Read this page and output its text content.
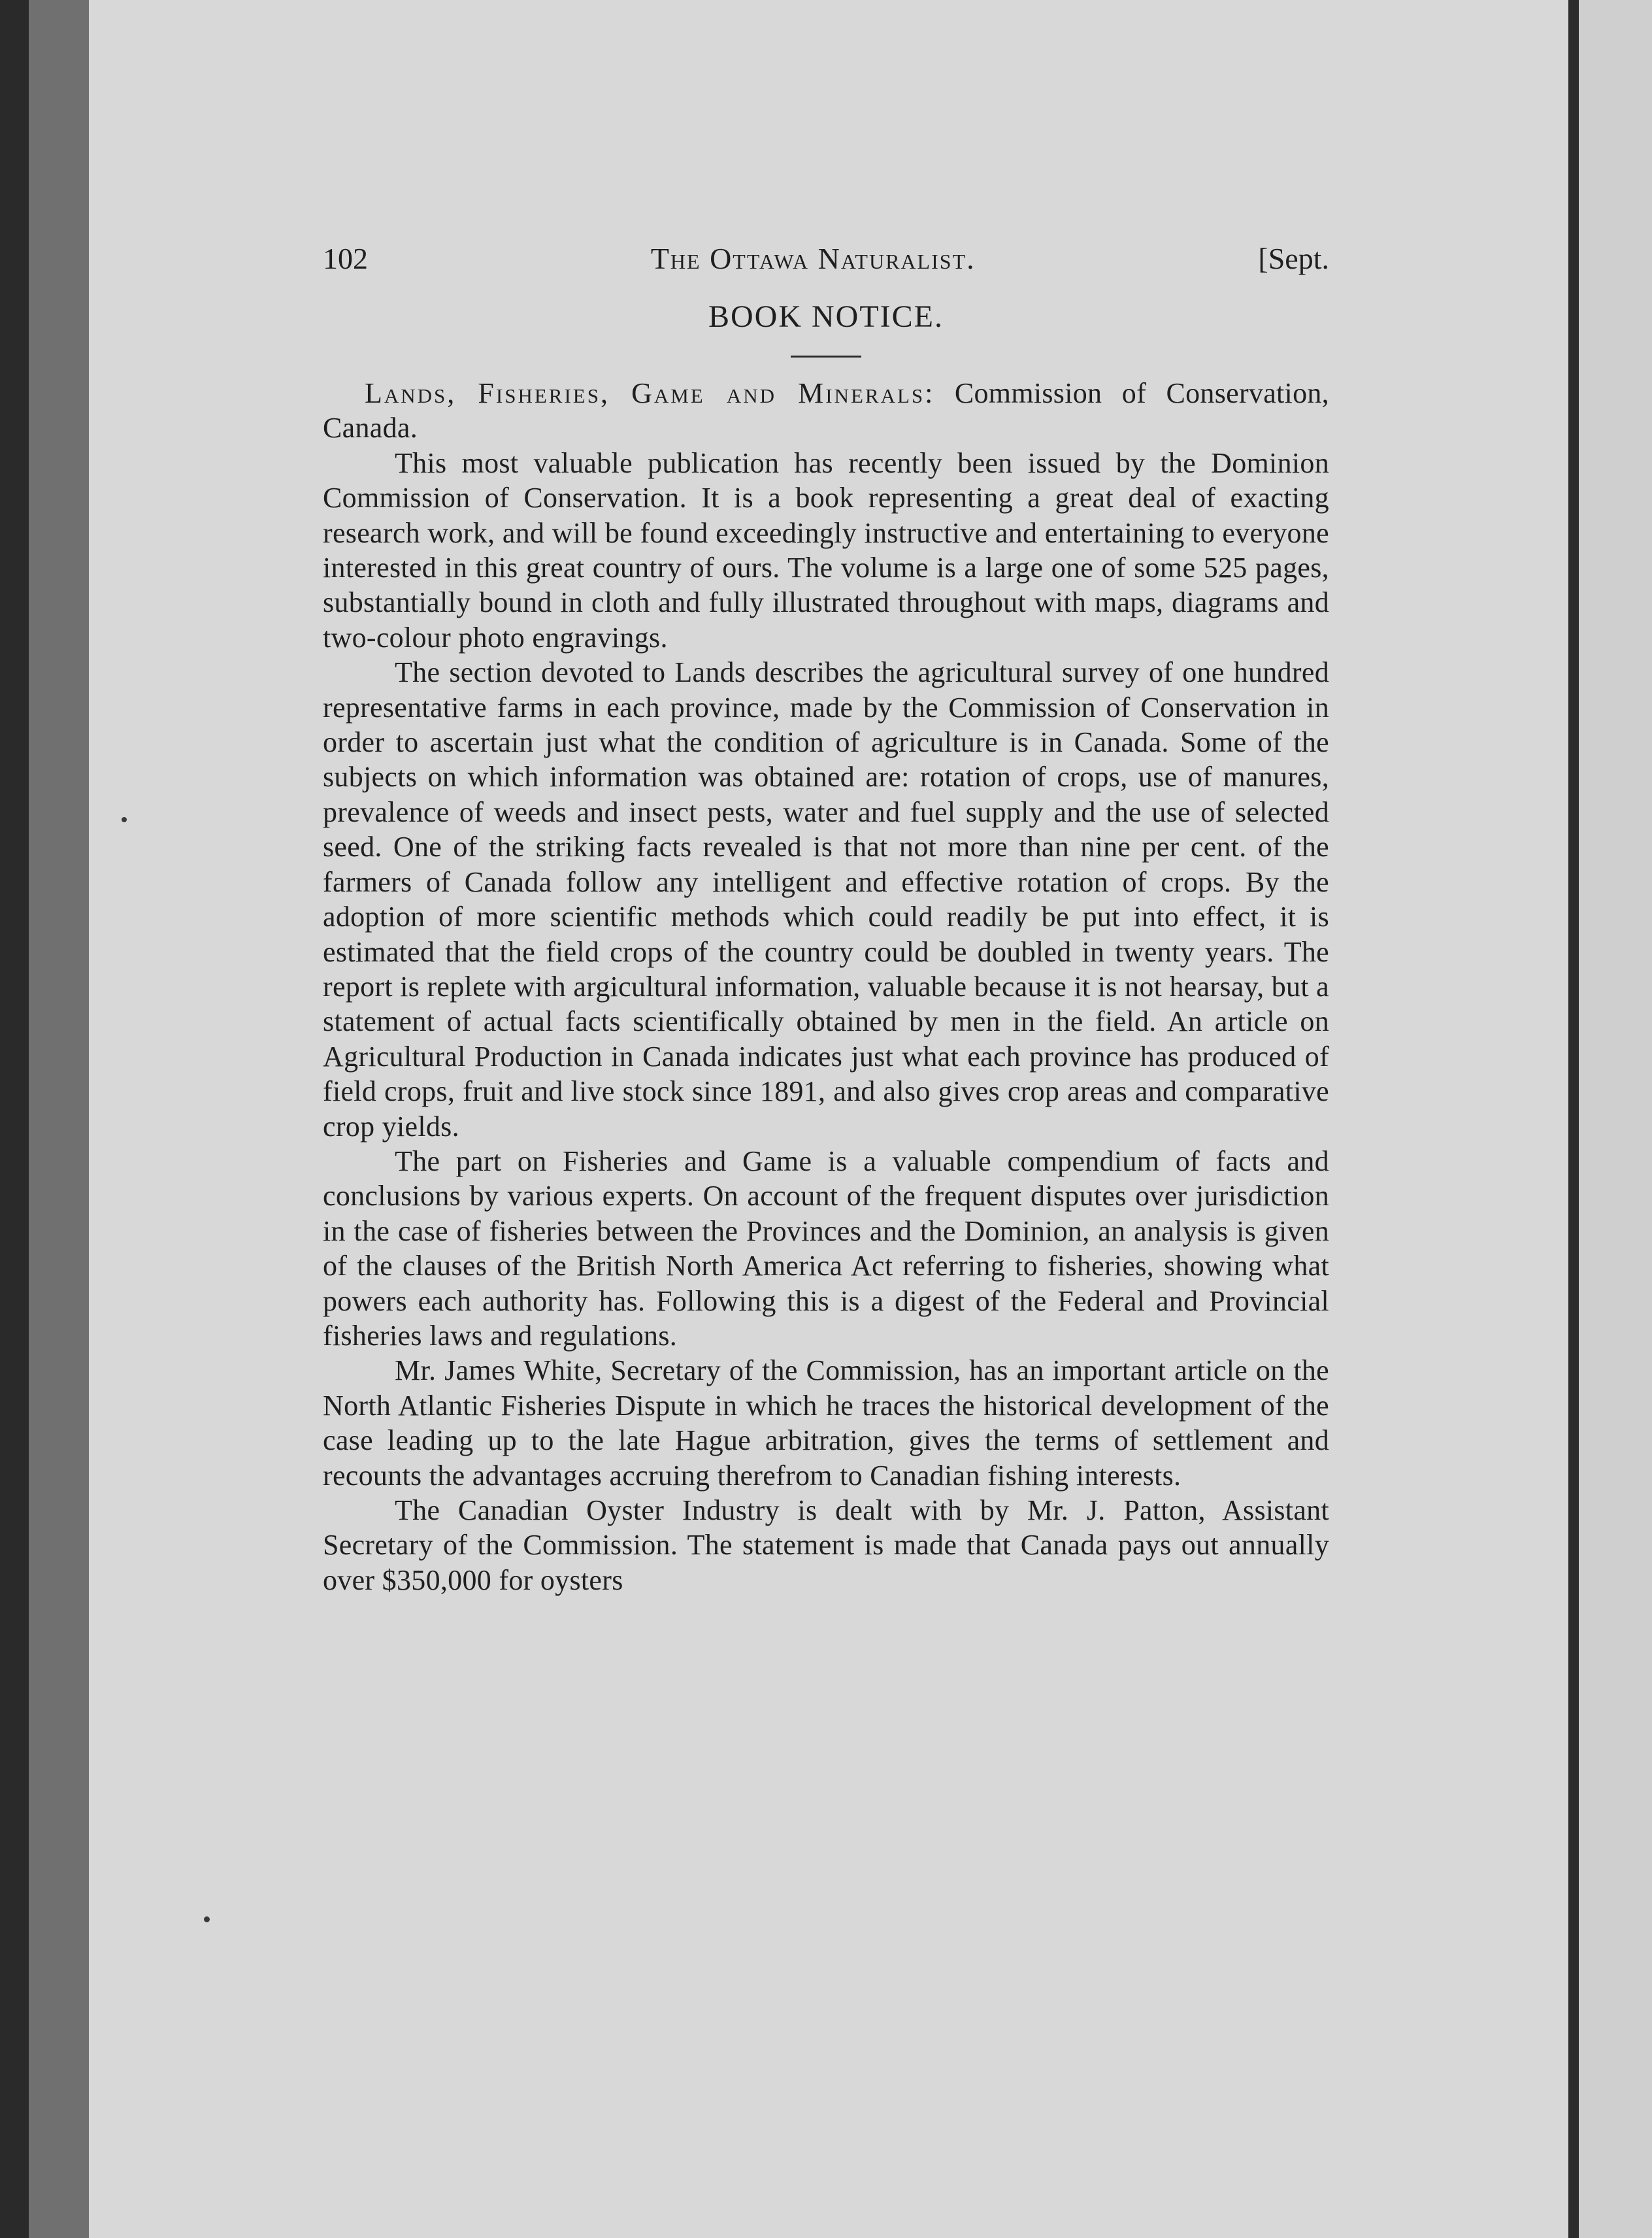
102	The Ottawa Naturalist.	[Sept.
BOOK NOTICE.

Lands, Fisheries, Game and Minerals: Commission of Conservation, Canada.

This most valuable publication has recently been issued by the Dominion Commission of Conservation. It is a book representing a great deal of exacting research work, and will be found exceedingly instructive and entertaining to everyone interested in this great country of ours. The volume is a large one of some 525 pages, substantially bound in cloth and fully illustrated throughout with maps, diagrams and two-colour photo engravings.

The section devoted to Lands describes the agricultural survey of one hundred representative farms in each province, made by the Commission of Conservation in order to ascertain just what the condition of agriculture is in Canada. Some of the subjects on which information was obtained are: rotation of crops, use of manures, prevalence of weeds and insect pests, water and fuel supply and the use of selected seed. One of the striking facts revealed is that not more than nine per cent. of the farmers of Canada follow any intelligent and effective rotation of crops. By the adoption of more scientific methods which could readily be put into effect, it is estimated that the field crops of the country could be doubled in twenty years. The report is replete with argicultural information, valuable because it is not hearsay, but a statement of actual facts scientifically obtained by men in the field. An article on Agricultural Production in Canada indicates just what each province has produced of field crops, fruit and live stock since 1891, and also gives crop areas and comparative crop yields.

The part on Fisheries and Game is a valuable compendium of facts and conclusions by various experts. On account of the frequent disputes over jurisdiction in the case of fisheries between the Provinces and the Dominion, an analysis is given of the clauses of the British North America Act referring to fisheries, showing what powers each authority has. Following this is a digest of the Federal and Provincial fisheries laws and regulations.

Mr. James White, Secretary of the Commission, has an important article on the North Atlantic Fisheries Dispute in which he traces the historical development of the case leading up to the late Hague arbitration, gives the terms of settlement and recounts the advantages accruing therefrom to Canadian fishing interests.

The Canadian Oyster Industry is dealt with by Mr. J. Patton, Assistant Secretary of the Commission. The statement is made that Canada pays out annually over $350,000 for oysters
